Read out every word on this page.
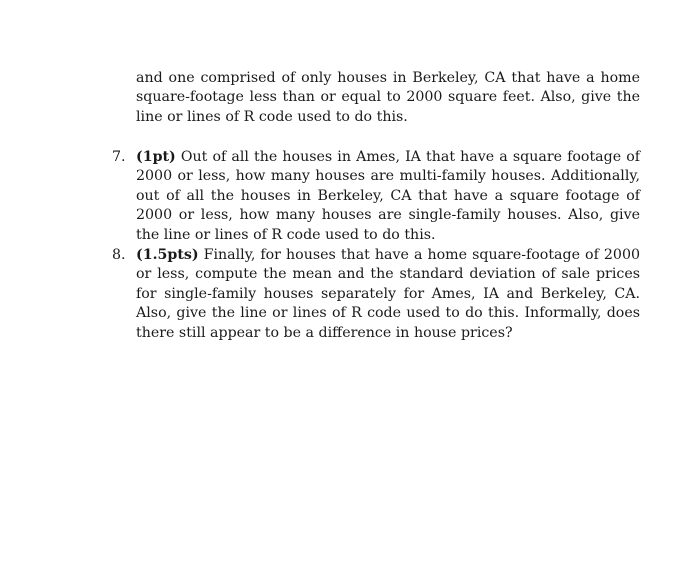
and one comprised of only houses in Berkeley, CA that have a home square-footage less than or equal to 2000 square feet. Also, give the line or lines of R code used to do this.

7. (1pt) Out of all the houses in Ames, IA that have a square footage of 2000 or less, how many houses are multi-family houses. Additionally, out of all the houses in Berkeley, CA that have a square footage of 2000 or less, how many houses are single-family houses. Also, give the line or lines of R code used to do this.

8. (1.5pts) Finally, for houses that have a home square-footage of 2000 or less, compute the mean and the standard deviation of sale prices for single-family houses separately for Ames, IA and Berkeley, CA. Also, give the line or lines of R code used to do this. Informally, does there still appear to be a difference in house prices?
